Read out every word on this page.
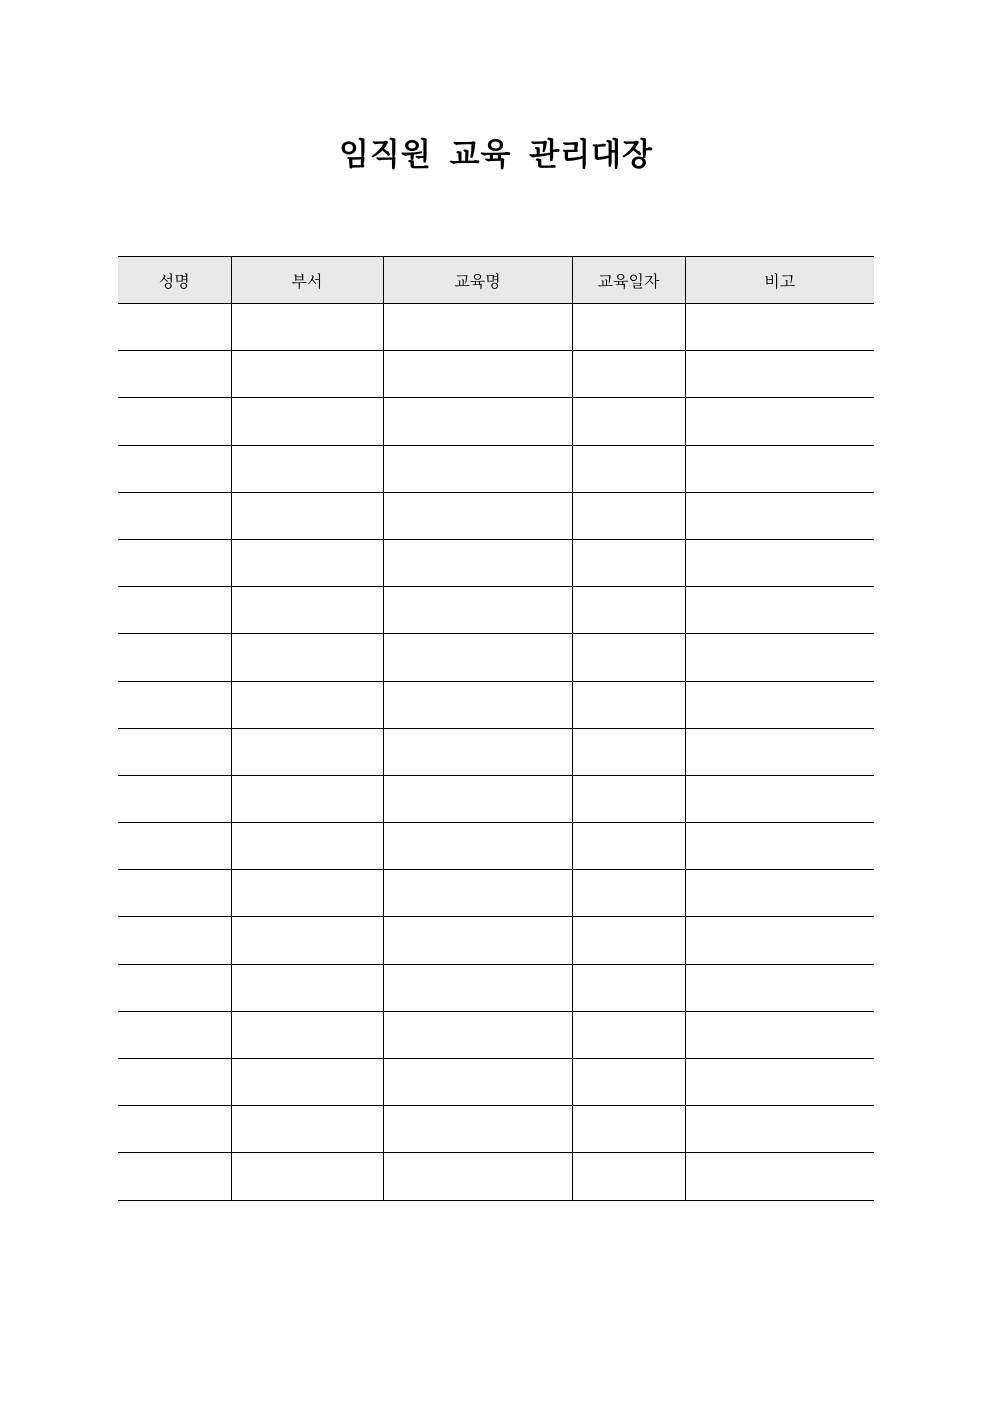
임직원 교육 관리대장
성명	부서	교육명	교육일자	비고
